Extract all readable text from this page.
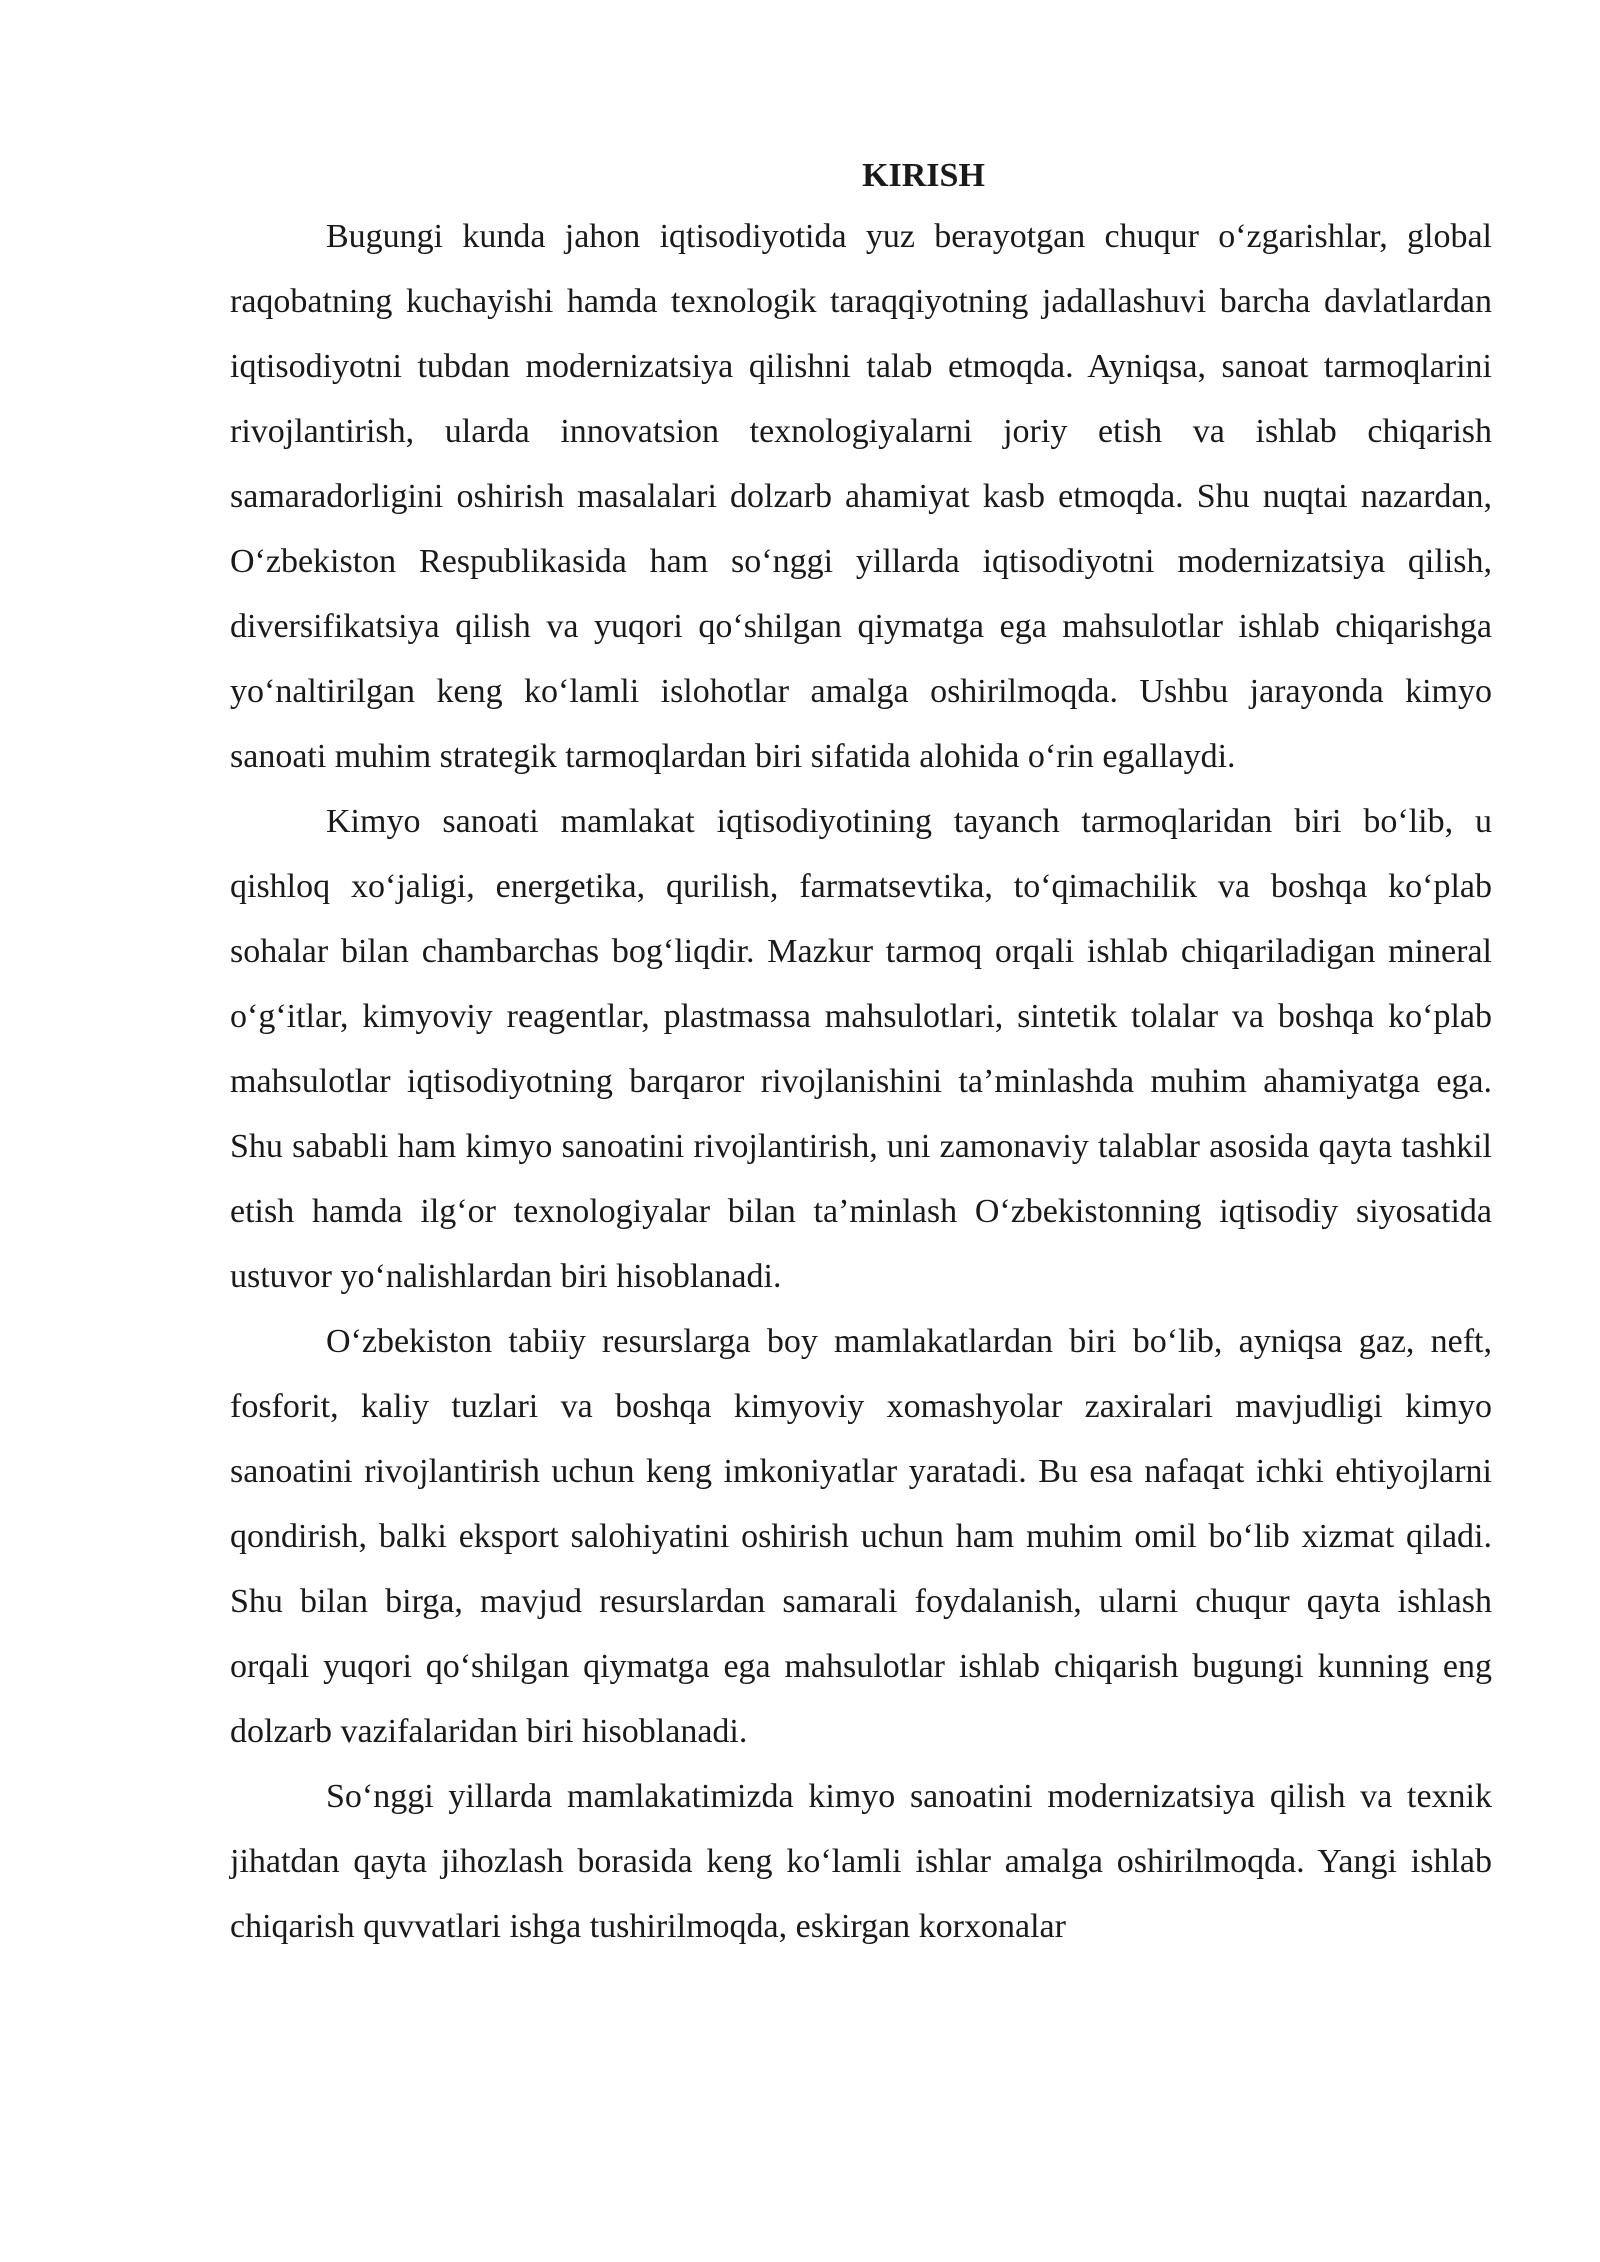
KIRISH

Bugungi kunda jahon iqtisodiyotida yuz berayotgan chuqur o‘zgarishlar, global raqobatning kuchayishi hamda texnologik taraqqiyotning jadallashuvi barcha davlatlardan iqtisodiyotni tubdan modernizatsiya qilishni talab etmoqda. Ayniqsa, sanoat tarmoqlarini rivojlantirish, ularda innovatsion texnologiyalarni joriy etish va ishlab chiqarish samaradorligini oshirish masalalari dolzarb ahamiyat kasb etmoqda. Shu nuqtai nazardan, O‘zbekiston Respublikasida ham so‘nggi yillarda iqtisodiyotni modernizatsiya qilish, diversifikatsiya qilish va yuqori qo‘shilgan qiymatga ega mahsulotlar ishlab chiqarishga yo‘naltirilgan keng ko‘lamli islohotlar amalga oshirilmoqda. Ushbu jarayonda kimyo sanoati muhim strategik tarmoqlardan biri sifatida alohida o‘rin egallaydi.

Kimyo sanoati mamlakat iqtisodiyotining tayanch tarmoqlaridan biri bo‘lib, u qishloq xo‘jaligi, energetika, qurilish, farmatsevtika, to‘qimachilik va boshqa ko‘plab sohalar bilan chambarchas bog‘liqdir. Mazkur tarmoq orqali ishlab chiqariladigan mineral o‘g‘itlar, kimyoviy reagentlar, plastmassa mahsulotlari, sintetik tolalar va boshqa ko‘plab mahsulotlar iqtisodiyotning barqaror rivojlanishini ta’minlashda muhim ahamiyatga ega. Shu sababli ham kimyo sanoatini rivojlantirish, uni zamonaviy talablar asosida qayta tashkil etish hamda ilg‘or texnologiyalar bilan ta’minlash O‘zbekistonning iqtisodiy siyosatida ustuvor yo‘nalishlardan biri hisoblanadi.

O‘zbekiston tabiiy resurslarga boy mamlakatlardan biri bo‘lib, ayniqsa gaz, neft, fosforit, kaliy tuzlari va boshqa kimyoviy xomashyolar zaxiralari mavjudligi kimyo sanoatini rivojlantirish uchun keng imkoniyatlar yaratadi. Bu esa nafaqat ichki ehtiyojlarni qondirish, balki eksport salohiyatini oshirish uchun ham muhim omil bo‘lib xizmat qiladi. Shu bilan birga, mavjud resurslardan samarali foydalanish, ularni chuqur qayta ishlash orqali yuqori qo‘shilgan qiymatga ega mahsulotlar ishlab chiqarish bugungi kunning eng dolzarb vazifalaridan biri hisoblanadi.

So‘nggi yillarda mamlakatimizda kimyo sanoatini modernizatsiya qilish va texnik jihatdan qayta jihozlash borasida keng ko‘lamli ishlar amalga oshirilmoqda. Yangi ishlab chiqarish quvvatlari ishga tushirilmoqda, eskirgan korxonalar
